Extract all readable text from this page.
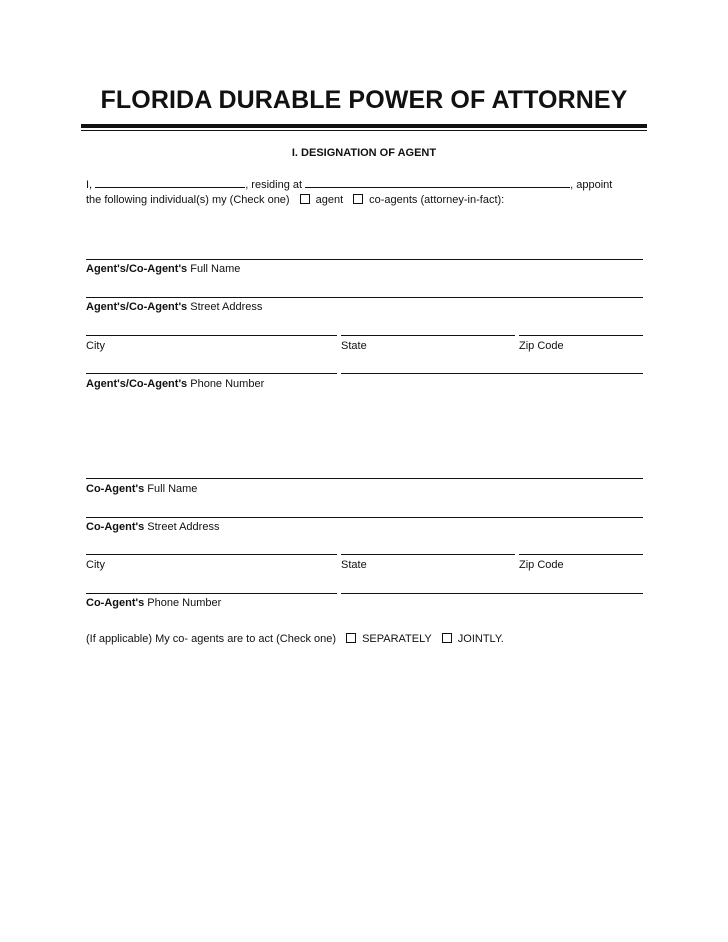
FLORIDA DURABLE POWER OF ATTORNEY
I. DESIGNATION OF AGENT
I,	, residing at	, appoint
the following individual(s) my (Check one) agent co-agents (attorney-in-fact):
Agent's/Co-Agent's Full Name
Agent's/Co-Agent's Street Address
City	State	Zip Code
Agent's/Co-Agent's Phone Number
Co-Agent's Full Name
Co-Agent's Street Address
City	State	Zip Code
Co-Agent's Phone Number
(If applicable) My co- agents are to act (Check one) SEPARATELY JOINTLY.
